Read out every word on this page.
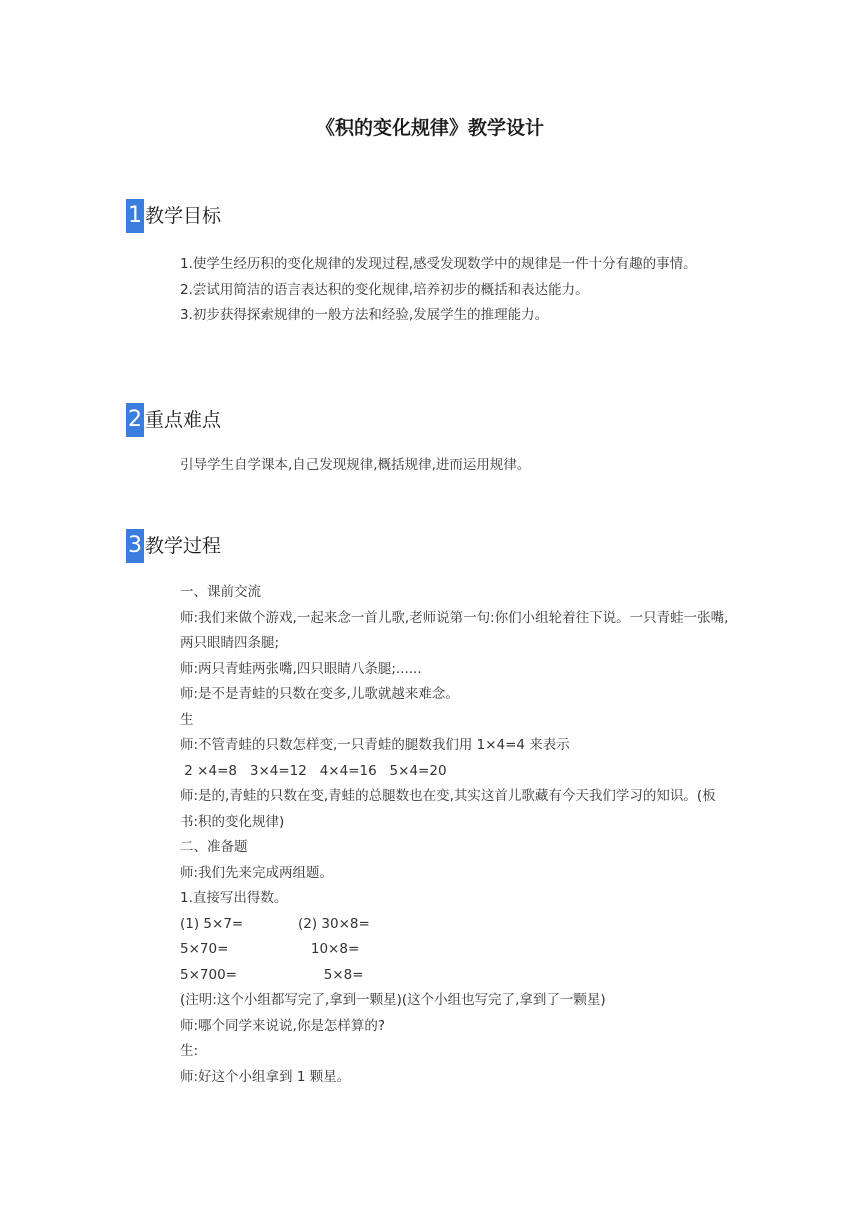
《积的变化规律》教学设计
1 教学目标

1.使学生经历积的变化规律的发现过程,感受发现数学中的规律是一件十分有趣的事情。

2.尝试用简洁的语言表达积的变化规律,培养初步的概括和表达能力。

3.初步获得探索规律的一般方法和经验,发展学生的推理能力。

2 重点难点

引导学生自学课本,自己发现规律,概括规律,进而运用规律。

3 教学过程

一、课前交流

师:我们来做个游戏,一起来念一首儿歌,老师说第一句:你们小组轮着往下说。一只青蛙一张嘴,两只眼睛四条腿;

师:两只青蛙两张嘴,四只眼睛八条腿;......

师:是不是青蛙的只数在变多,儿歌就越来难念。

生

师:不管青蛙的只数怎样变,一只青蛙的腿数我们用 1×4=4 来表示

2 ×4=8   3×4=12   4×4=16   5×4=20

师:是的,青蛙的只数在变,青蛙的总腿数也在变,其实这首儿歌藏有今天我们学习的知识。(板书:积的变化规律)

二、准备题

师:我们先来完成两组题。

1.直接写出得数。

(1) 5×7=	(2) 30×8=
5×70=	10×8=
5×700=	5×8=

(注明:这个小组都写完了,拿到一颗星)(这个小组也写完了,拿到了一颗星)

师:哪个同学来说说,你是怎样算的?

生:

师:好这个小组拿到 1 颗星。
